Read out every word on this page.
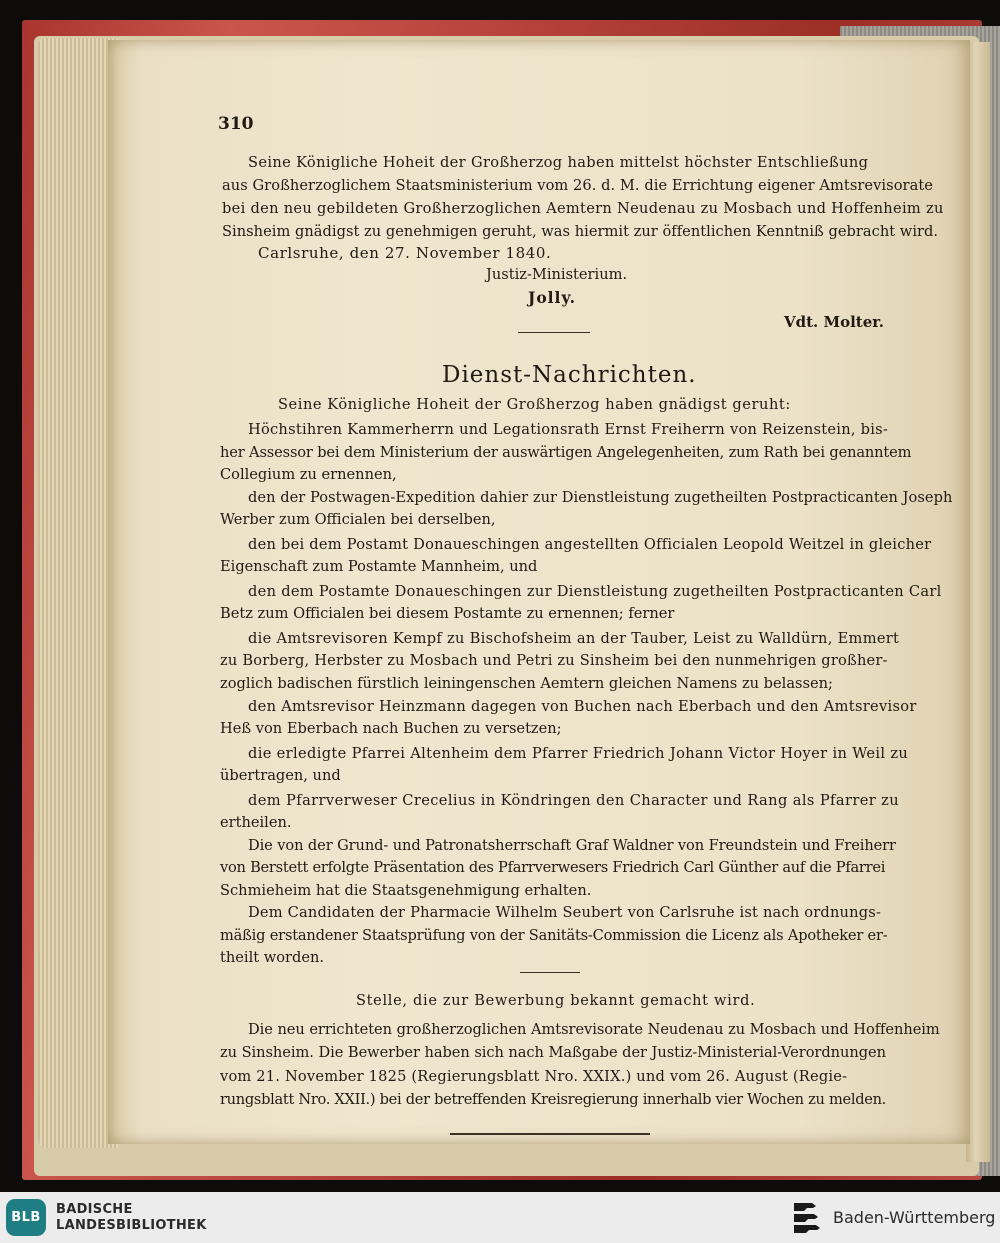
310
Seine Königliche Hoheit der Großherzog haben mittelst höchster Entschließung
aus Großherzoglichem Staatsministerium vom 26. d. M. die Errichtung eigener Amtsrevisorate
bei den neu gebildeten Großherzoglichen Aemtern Neudenau zu Mosbach und Hoffenheim zu
Sinsheim gnädigst zu genehmigen geruht, was hiermit zur öffentlichen Kenntniß gebracht wird.
Carlsruhe, den 27. November 1840.
Justiz-Ministerium.
Jolly.
Vdt. Molter.
Dienst-Nachrichten.
Seine Königliche Hoheit der Großherzog haben gnädigst geruht:
Höchstihren Kammerherrn und Legationsrath Ernst Freiherrn von Reizenstein, bis-
her Assessor bei dem Ministerium der auswärtigen Angelegenheiten, zum Rath bei genanntem
Collegium zu ernennen,
den der Postwagen-Expedition dahier zur Dienstleistung zugetheilten Postpracticanten Joseph
Werber zum Officialen bei derselben,
den bei dem Postamt Donaueschingen angestellten Officialen Leopold Weitzel in gleicher
Eigenschaft zum Postamte Mannheim, und
den dem Postamte Donaueschingen zur Dienstleistung zugetheilten Postpracticanten Carl
Betz zum Officialen bei diesem Postamte zu ernennen; ferner
die Amtsrevisoren Kempf zu Bischofsheim an der Tauber, Leist zu Walldürn, Emmert
zu Borberg, Herbster zu Mosbach und Petri zu Sinsheim bei den nunmehrigen großher-
zoglich badischen fürstlich leiningenschen Aemtern gleichen Namens zu belassen;
den Amtsrevisor Heinzmann dagegen von Buchen nach Eberbach und den Amtsrevisor
Heß von Eberbach nach Buchen zu versetzen;
die erledigte Pfarrei Altenheim dem Pfarrer Friedrich Johann Victor Hoyer in Weil zu
übertragen, und
dem Pfarrverweser Crecelius in Köndringen den Character und Rang als Pfarrer zu
ertheilen.
Die von der Grund- und Patronatsherrschaft Graf Waldner von Freundstein und Freiherr
von Berstett erfolgte Präsentation des Pfarrverwesers Friedrich Carl Günther auf die Pfarrei
Schmieheim hat die Staatsgenehmigung erhalten.
Dem Candidaten der Pharmacie Wilhelm Seubert von Carlsruhe ist nach ordnungs-
mäßig erstandener Staatsprüfung von der Sanitäts-Commission die Licenz als Apotheker er-
theilt worden.
Stelle, die zur Bewerbung bekannt gemacht wird.
Die neu errichteten großherzoglichen Amtsrevisorate Neudenau zu Mosbach und Hoffenheim
zu Sinsheim. Die Bewerber haben sich nach Maßgabe der Justiz-Ministerial-Verordnungen
vom 21. November 1825 (Regierungsblatt Nro. XXIX.) und vom 26. August (Regie-
rungsblatt Nro. XXII.) bei der betreffenden Kreisregierung innerhalb vier Wochen zu melden.
BLB
BADISCHE
LANDESBIBLIOTHEK	Baden-Württemberg
